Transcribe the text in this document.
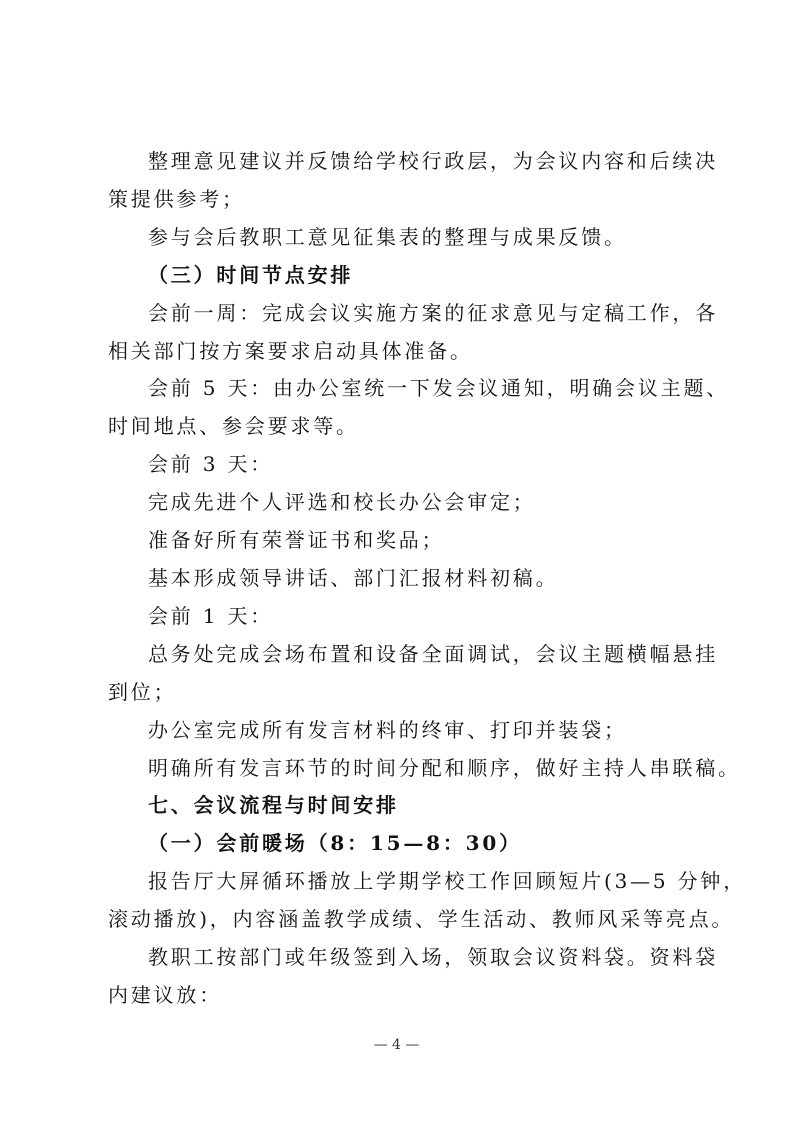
整理意见建议并反馈给学校行政层，为会议内容和后续决
策提供参考；
参与会后教职工意见征集表的整理与成果反馈。
（三）时间节点安排
会前一周：完成会议实施方案的征求意见与定稿工作，各
相关部门按方案要求启动具体准备。
会前 5 天：由办公室统一下发会议通知，明确会议主题、
时间地点、参会要求等。
会前 3 天：
完成先进个人评选和校长办公会审定；
准备好所有荣誉证书和奖品；
基本形成领导讲话、部门汇报材料初稿。
会前 1 天：
总务处完成会场布置和设备全面调试，会议主题横幅悬挂
到位；
办公室完成所有发言材料的终审、打印并装袋；
明确所有发言环节的时间分配和顺序，做好主持人串联稿。
七、会议流程与时间安排
（一）会前暖场（8：15—8：30）
报告厅大屏循环播放上学期学校工作回顾短片(3—5 分钟，
滚动播放)，内容涵盖教学成绩、学生活动、教师风采等亮点。
教职工按部门或年级签到入场，领取会议资料袋。资料袋
内建议放：
— 4 —
